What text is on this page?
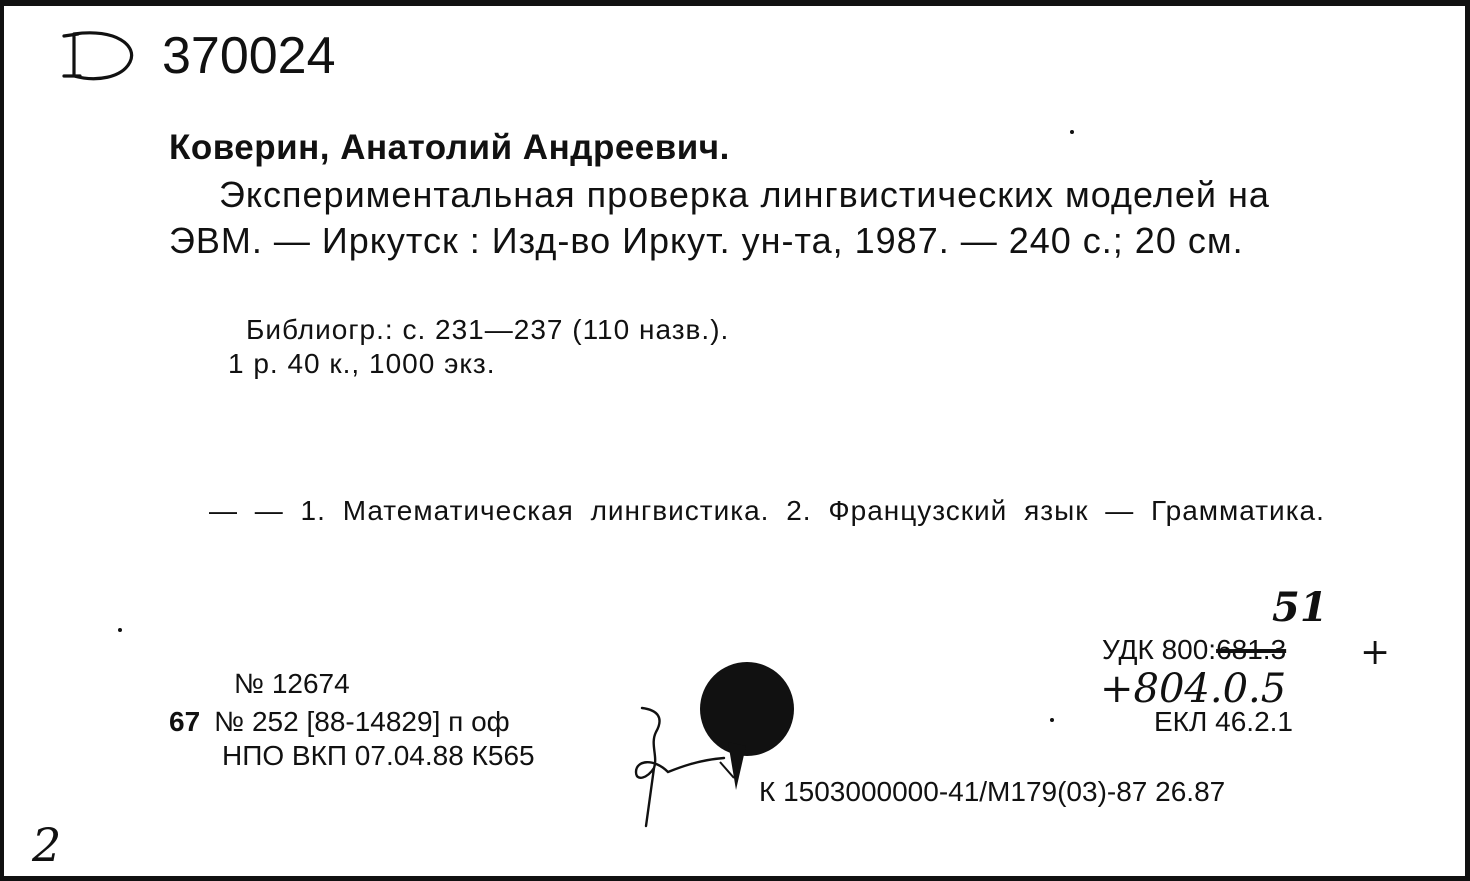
370024
Коверин, Анатолий Андреевич.
Экспериментальная проверка лингвистических моделей на ЭВМ. — Иркутск : Изд-во Иркут. ун-та, 1987. — 240 с.; 20 см.
Библиогр.: с. 231—237 (110 назв.).
1 р. 40 к., 1000 экз.
— — 1. Математическая лингвистика. 2. Французский язык — Грамматика.
51
УДК 800:681.3 +
+804.0.5
ЕКЛ 46.2.1
№ 12674
67 № 252 [88-14829] п оф
НПО ВКП 07.04.88 К565
К 1503000000-41/М179(03)-87 26.87
2
